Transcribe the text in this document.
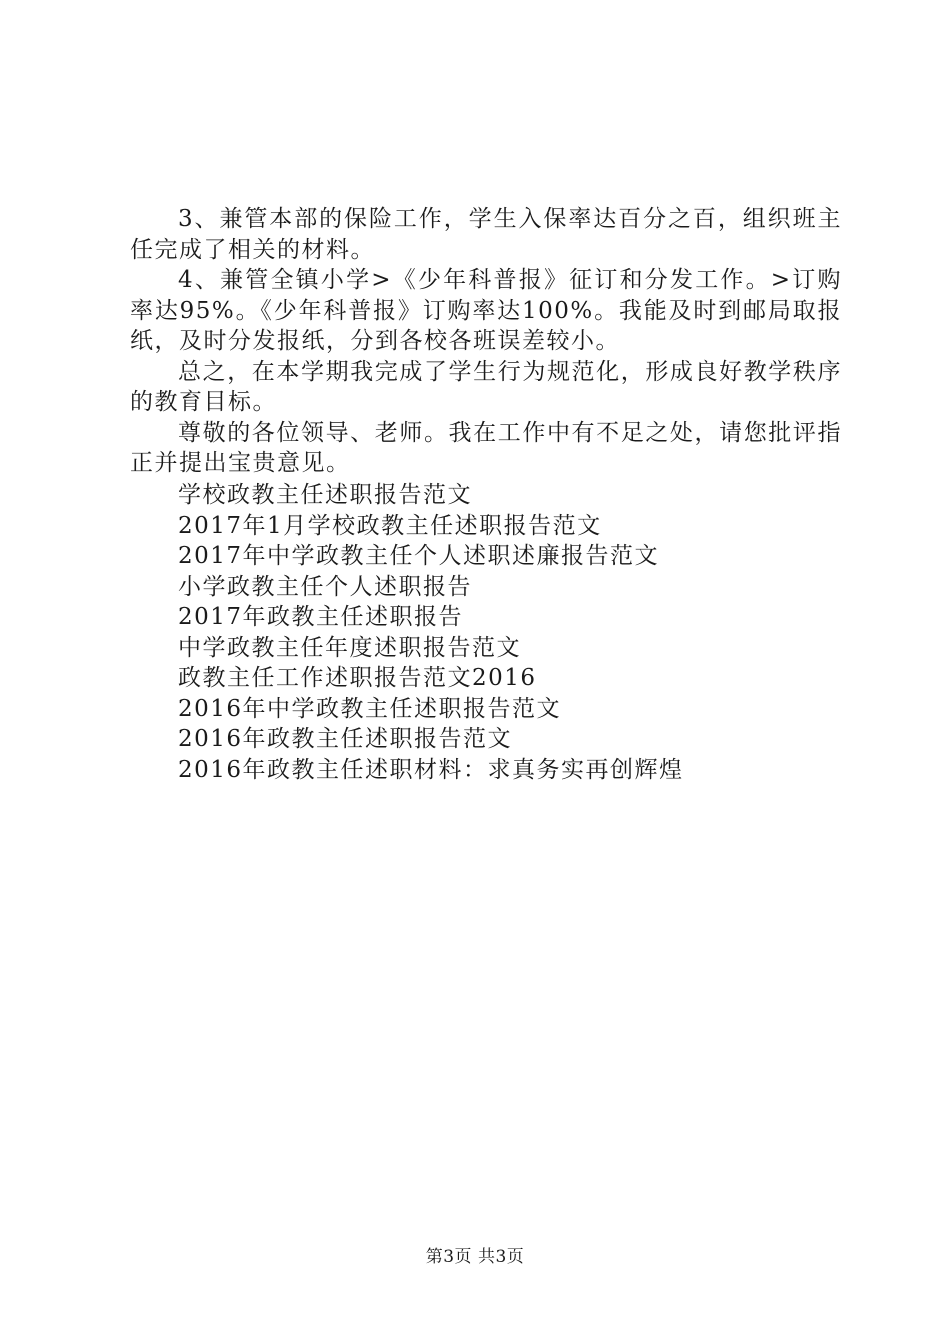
3、兼管本部的保险工作，学生入保率达百分之百，组织班主任完成了相关的材料。

4、兼管全镇小学>《少年科普报》征订和分发工作。>订购率达95%。《少年科普报》订购率达100%。我能及时到邮局取报纸，及时分发报纸，分到各校各班误差较小。

总之，在本学期我完成了学生行为规范化，形成良好教学秩序的教育目标。

尊敬的各位领导、老师。我在工作中有不足之处，请您批评指正并提出宝贵意见。

学校政教主任述职报告范文
2017年1月学校政教主任述职报告范文
2017年中学政教主任个人述职述廉报告范文
小学政教主任个人述职报告
2017年政教主任述职报告
中学政教主任年度述职报告范文
政教主任工作述职报告范文2016
2016年中学政教主任述职报告范文
2016年政教主任述职报告范文
2016年政教主任述职材料：求真务实再创辉煌
第3页 共3页
